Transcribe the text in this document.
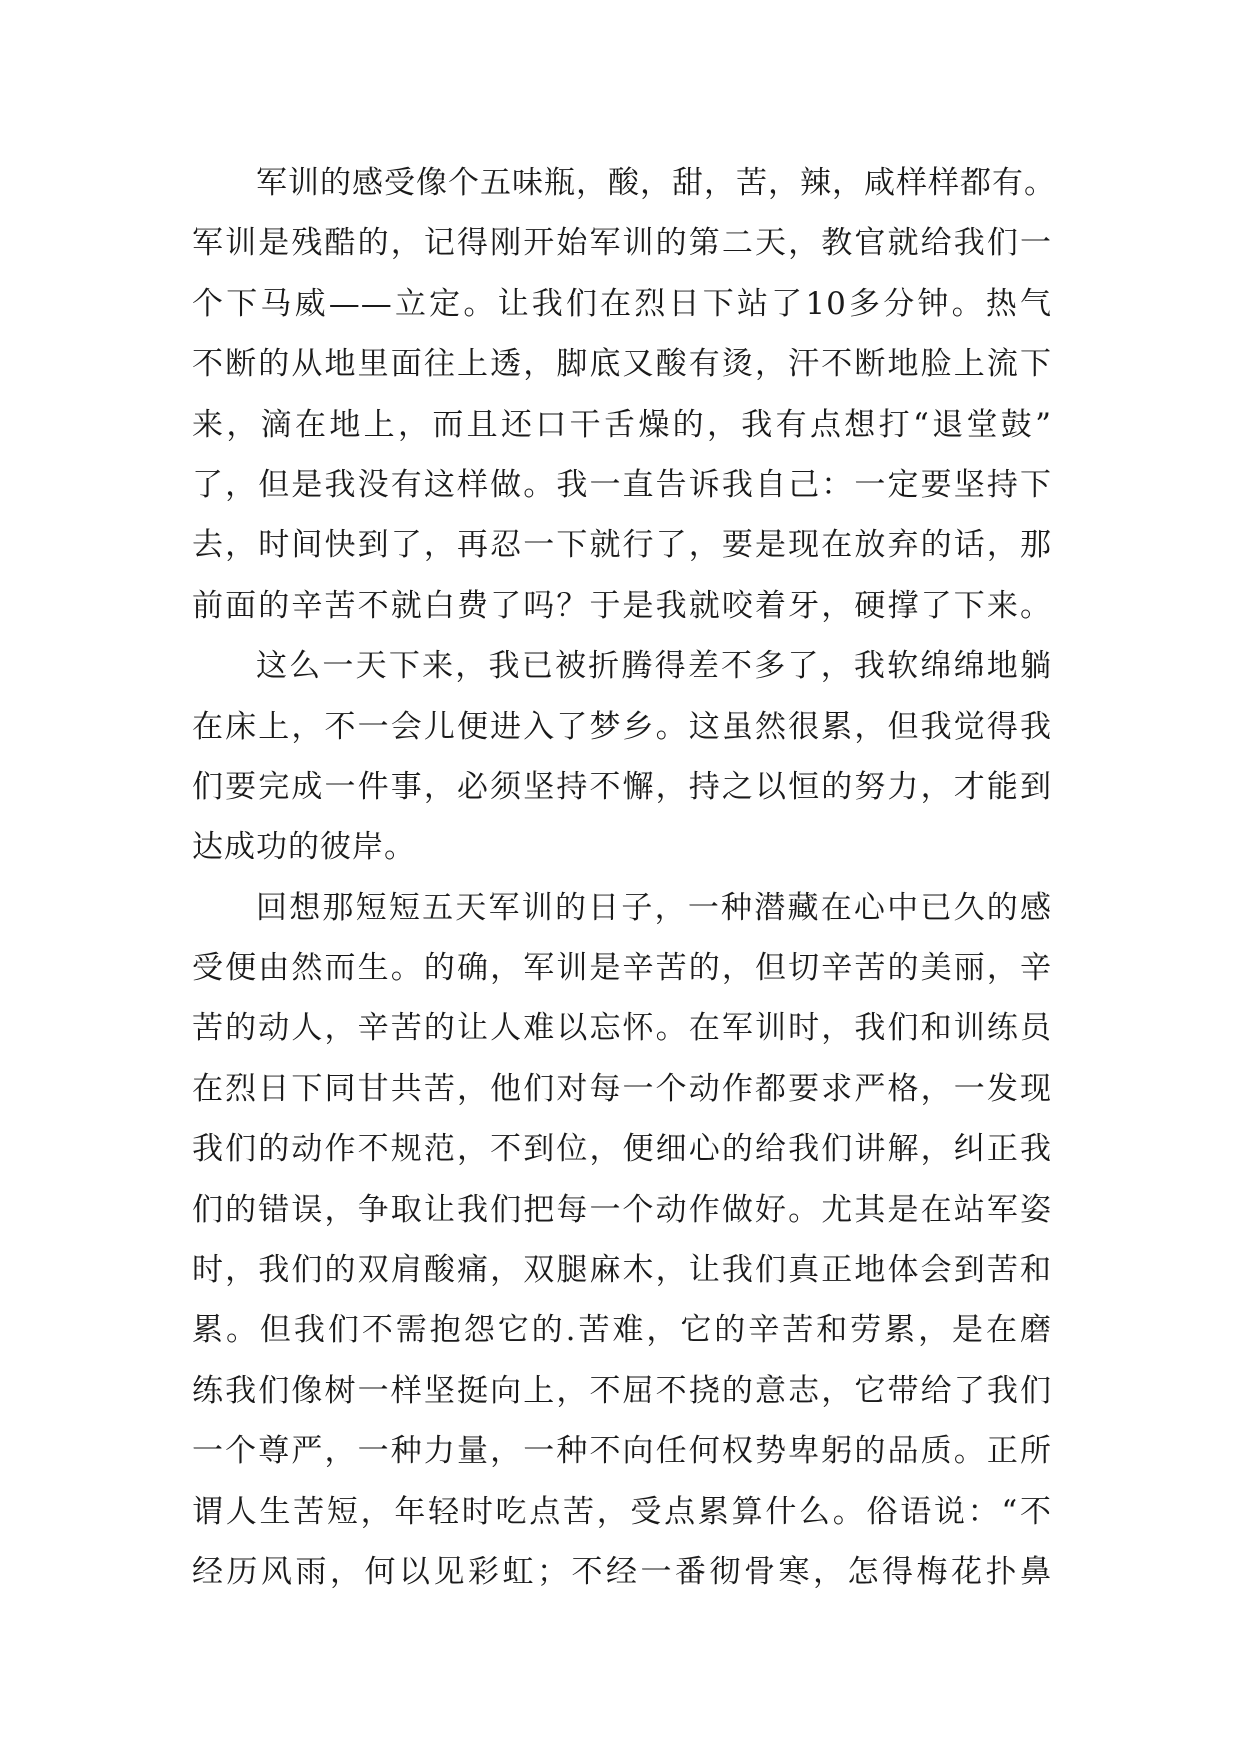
军训的感受像个五味瓶，酸，甜，苦，辣，咸样样都有。
军训是残酷的，记得刚开始军训的第二天，教官就给我们一
个下马威——立定。让我们在烈日下站了10多分钟。热气
不断的从地里面往上透，脚底又酸有烫，汗不断地脸上流下
来，滴在地上，而且还口干舌燥的，我有点想打“退堂鼓”
了，但是我没有这样做。我一直告诉我自己：一定要坚持下
去，时间快到了，再忍一下就行了，要是现在放弃的话，那
前面的辛苦不就白费了吗？于是我就咬着牙，硬撑了下来。
这么一天下来，我已被折腾得差不多了，我软绵绵地躺
在床上，不一会儿便进入了梦乡。这虽然很累，但我觉得我
们要完成一件事，必须坚持不懈，持之以恒的努力，才能到
达成功的彼岸。
回想那短短五天军训的日子，一种潜藏在心中已久的感
受便由然而生。的确，军训是辛苦的，但切辛苦的美丽，辛
苦的动人，辛苦的让人难以忘怀。在军训时，我们和训练员
在烈日下同甘共苦，他们对每一个动作都要求严格，一发现
我们的动作不规范，不到位，便细心的给我们讲解，纠正我
们的错误，争取让我们把每一个动作做好。尤其是在站军姿
时，我们的双肩酸痛，双腿麻木，让我们真正地体会到苦和
累。但我们不需抱怨它的.苦难，它的辛苦和劳累，是在磨
练我们像树一样坚挺向上，不屈不挠的意志，它带给了我们
一个尊严，一种力量，一种不向任何权势卑躬的品质。正所
谓人生苦短，年轻时吃点苦，受点累算什么。俗语说：“不
经历风雨，何以见彩虹；不经一番彻骨寒，怎得梅花扑鼻
